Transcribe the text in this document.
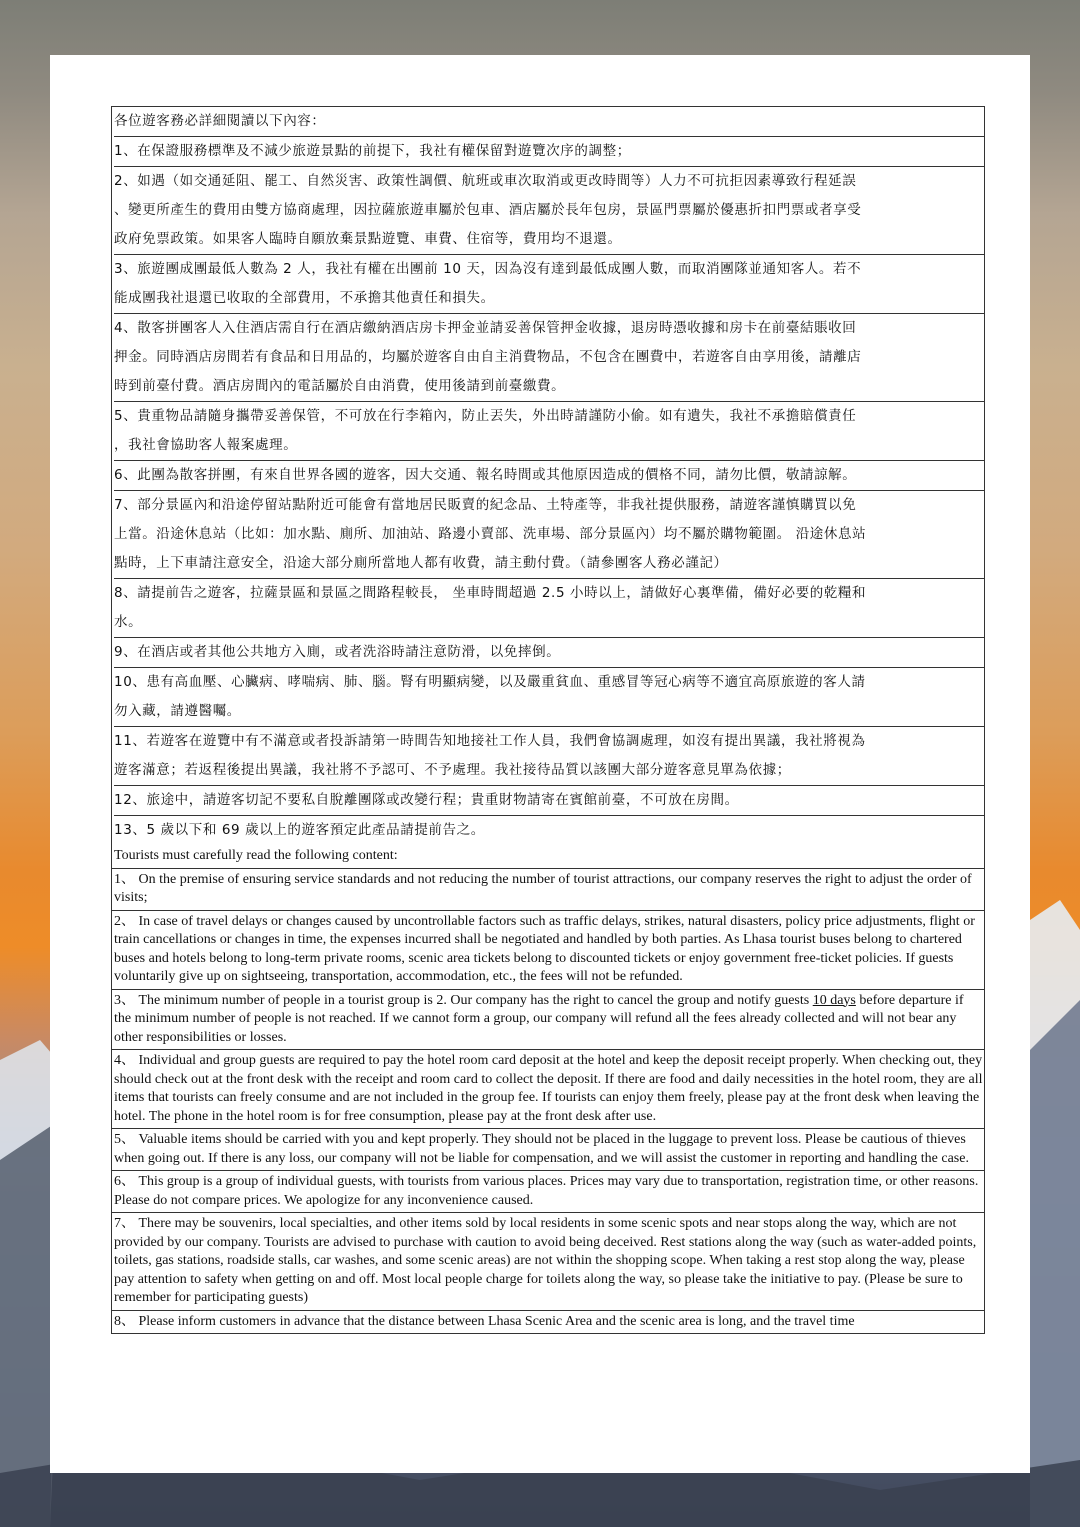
各位遊客務必詳細閱讀以下內容：
1、在保證服務標準及不減少旅遊景點的前提下，我社有權保留對遊覽次序的調整；
2、如遇（如交通延阻、罷工、自然災害、政策性調價、航班或車次取消或更改時間等）人力不可抗拒因素導致行程延誤
、變更所產生的費用由雙方協商處理，因拉薩旅遊車屬於包車、酒店屬於長年包房，景區門票屬於優惠折扣門票或者享受
政府免票政策。如果客人臨時自願放棄景點遊覽、車費、住宿等，費用均不退還。
3、旅遊團成團最低人數為 2 人，我社有權在出團前 10 天，因為沒有達到最低成團人數，而取消團隊並通知客人。若不
能成團我社退還已收取的全部費用，不承擔其他責任和損失。
4、散客拼團客人入住酒店需自行在酒店繳納酒店房卡押金並請妥善保管押金收據，退房時憑收據和房卡在前臺結賬收回
押金。同時酒店房間若有食品和日用品的，均屬於遊客自由自主消費物品，不包含在團費中，若遊客自由享用後，請離店
時到前臺付費。酒店房間內的電話屬於自由消費，使用後請到前臺繳費。
5、貴重物品請隨身攜帶妥善保管，不可放在行李箱內，防止丟失，外出時請謹防小偷。如有遺失，我社不承擔賠償責任
，我社會協助客人報案處理。
6、此團為散客拼團，有來自世界各國的遊客，因大交通、報名時間或其他原因造成的價格不同，請勿比價，敬請諒解。
7、部分景區內和沿途停留站點附近可能會有當地居民販賣的紀念品、土特產等，非我社提供服務，請遊客謹慎購買以免
上當。沿途休息站（比如：加水點、廁所、加油站、路邊小賣部、洗車場、部分景區內）均不屬於購物範圍。 沿途休息站
點時，上下車請注意安全，沿途大部分廁所當地人都有收費，請主動付費。（請參團客人務必謹記）
8、請提前告之遊客，拉薩景區和景區之間路程較長， 坐車時間超過 2.5 小時以上，請做好心裏準備，備好必要的乾糧和
水。
9、在酒店或者其他公共地方入廁，或者洗浴時請注意防滑，以免摔倒。
10、患有高血壓、心臟病、哮喘病、肺、腦。腎有明顯病變，以及嚴重貧血、重感冒等冠心病等不適宜高原旅遊的客人請
勿入藏，請遵醫囑。
11、若遊客在遊覽中有不滿意或者投訴請第一時間告知地接社工作人員，我們會協調處理，如沒有提出異議，我社將視為
遊客滿意；若返程後提出異議，我社將不予認可、不予處理。我社接待品質以該團大部分遊客意見單為依據；
12、旅途中，請遊客切記不要私自脫離團隊或改變行程；貴重財物請寄在賓館前臺，不可放在房間。
13、5 歲以下和 69 歲以上的遊客預定此產品請提前告之。
Tourists must carefully read the following content:
1、 On the premise of ensuring service standards and not reducing the number of tourist attractions, our company reserves the right to adjust the order of visits;
2、 In case of travel delays or changes caused by uncontrollable factors such as traffic delays, strikes, natural disasters, policy price adjustments, flight or train cancellations or changes in time, the expenses incurred shall be negotiated and handled by both parties. As Lhasa tourist buses belong to chartered buses and hotels belong to long-term private rooms, scenic area tickets belong to discounted tickets or enjoy government free-ticket policies. If guests voluntarily give up on sightseeing, transportation, accommodation, etc., the fees will not be refunded.
3、 The minimum number of people in a tourist group is 2. Our company has the right to cancel the group and notify guests 10 days before departure if the minimum number of people is not reached. If we cannot form a group, our company will refund all the fees already collected and will not bear any other responsibilities or losses.
4、 Individual and group guests are required to pay the hotel room card deposit at the hotel and keep the deposit receipt properly. When checking out, they should check out at the front desk with the receipt and room card to collect the deposit. If there are food and daily necessities in the hotel room, they are all items that tourists can freely consume and are not included in the group fee. If tourists can enjoy them freely, please pay at the front desk when leaving the hotel. The phone in the hotel room is for free consumption, please pay at the front desk after use.
5、 Valuable items should be carried with you and kept properly. They should not be placed in the luggage to prevent loss. Please be cautious of thieves when going out. If there is any loss, our company will not be liable for compensation, and we will assist the customer in reporting and handling the case.
6、 This group is a group of individual guests, with tourists from various places. Prices may vary due to transportation, registration time, or other reasons. Please do not compare prices. We apologize for any inconvenience caused.
7、 There may be souvenirs, local specialties, and other items sold by local residents in some scenic spots and near stops along the way, which are not provided by our company. Tourists are advised to purchase with caution to avoid being deceived. Rest stations along the way (such as water-added points, toilets, gas stations, roadside stalls, car washes, and some scenic areas) are not within the shopping scope. When taking a rest stop along the way, please pay attention to safety when getting on and off. Most local people charge for toilets along the way, so please take the initiative to pay. (Please be sure to remember for participating guests)
8、 Please inform customers in advance that the distance between Lhasa Scenic Area and the scenic area is long, and the travel time
